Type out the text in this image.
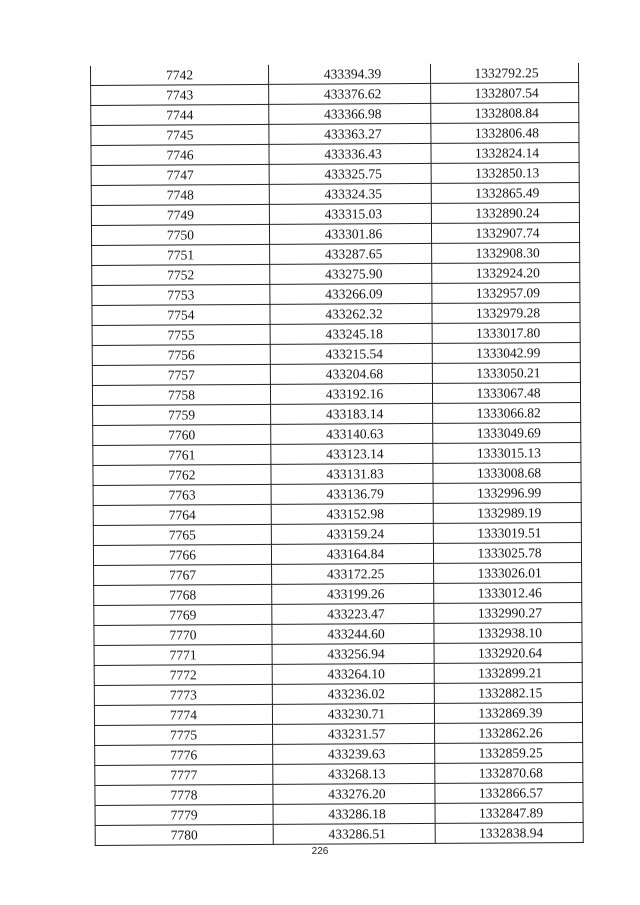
7742	433394.39	1332792.25
7743	433376.62	1332807.54
7744	433366.98	1332808.84
7745	433363.27	1332806.48
7746	433336.43	1332824.14
7747	433325.75	1332850.13
7748	433324.35	1332865.49
7749	433315.03	1332890.24
7750	433301.86	1332907.74
7751	433287.65	1332908.30
7752	433275.90	1332924.20
7753	433266.09	1332957.09
7754	433262.32	1332979.28
7755	433245.18	1333017.80
7756	433215.54	1333042.99
7757	433204.68	1333050.21
7758	433192.16	1333067.48
7759	433183.14	1333066.82
7760	433140.63	1333049.69
7761	433123.14	1333015.13
7762	433131.83	1333008.68
7763	433136.79	1332996.99
7764	433152.98	1332989.19
7765	433159.24	1333019.51
7766	433164.84	1333025.78
7767	433172.25	1333026.01
7768	433199.26	1333012.46
7769	433223.47	1332990.27
7770	433244.60	1332938.10
7771	433256.94	1332920.64
7772	433264.10	1332899.21
7773	433236.02	1332882.15
7774	433230.71	1332869.39
7775	433231.57	1332862.26
7776	433239.63	1332859.25
7777	433268.13	1332870.68
7778	433276.20	1332866.57
7779	433286.18	1332847.89
7780	433286.51	1332838.94
226
